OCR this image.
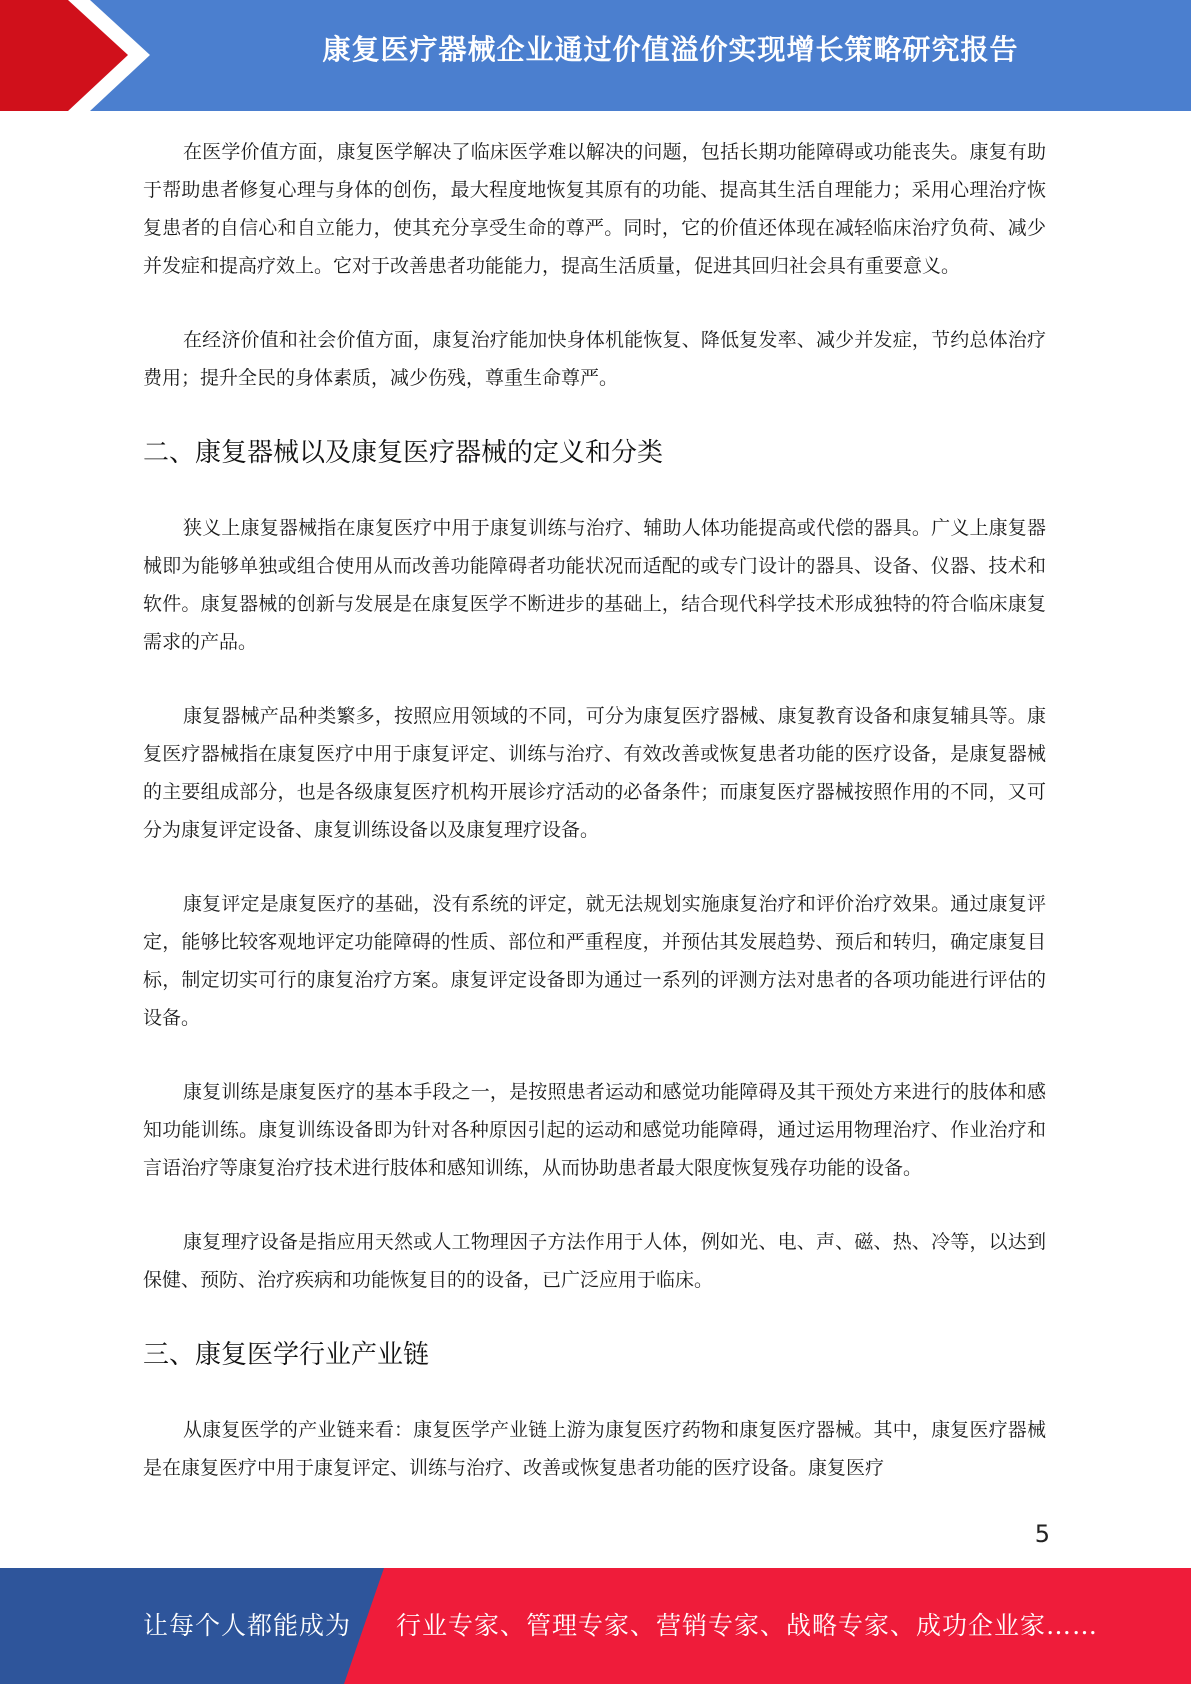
康复医疗器械企业通过价值溢价实现增长策略研究报告

在医学价值方面，康复医学解决了临床医学难以解决的问题，包括长期功能障碍或功能丧失。康复有助于帮助患者修复心理与身体的创伤，最大程度地恢复其原有的功能、提高其生活自理能力；采用心理治疗恢复患者的自信心和自立能力，使其充分享受生命的尊严。同时，它的价值还体现在减轻临床治疗负荷、减少并发症和提高疗效上。它对于改善患者功能能力，提高生活质量，促进其回归社会具有重要意义。

在经济价值和社会价值方面，康复治疗能加快身体机能恢复、降低复发率、减少并发症，节约总体治疗费用；提升全民的身体素质，减少伤残，尊重生命尊严。

二、康复器械以及康复医疗器械的定义和分类

狭义上康复器械指在康复医疗中用于康复训练与治疗、辅助人体功能提高或代偿的器具。广义上康复器械即为能够单独或组合使用从而改善功能障碍者功能状况而适配的或专门设计的器具、设备、仪器、技术和软件。康复器械的创新与发展是在康复医学不断进步的基础上，结合现代科学技术形成独特的符合临床康复需求的产品。

康复器械产品种类繁多，按照应用领域的不同，可分为康复医疗器械、康复教育设备和康复辅具等。康复医疗器械指在康复医疗中用于康复评定、训练与治疗、有效改善或恢复患者功能的医疗设备，是康复器械的主要组成部分，也是各级康复医疗机构开展诊疗活动的必备条件；而康复医疗器械按照作用的不同，又可分为康复评定设备、康复训练设备以及康复理疗设备。

康复评定是康复医疗的基础，没有系统的评定，就无法规划实施康复治疗和评价治疗效果。通过康复评定，能够比较客观地评定功能障碍的性质、部位和严重程度，并预估其发展趋势、预后和转归，确定康复目标，制定切实可行的康复治疗方案。康复评定设备即为通过一系列的评测方法对患者的各项功能进行评估的设备。

康复训练是康复医疗的基本手段之一，是按照患者运动和感觉功能障碍及其干预处方来进行的肢体和感知功能训练。康复训练设备即为针对各种原因引起的运动和感觉功能障碍，通过运用物理治疗、作业治疗和言语治疗等康复治疗技术进行肢体和感知训练，从而协助患者最大限度恢复残存功能的设备。

康复理疗设备是指应用天然或人工物理因子方法作用于人体，例如光、电、声、磁、热、冷等，以达到保健、预防、治疗疾病和功能恢复目的的设备，已广泛应用于临床。

三、康复医学行业产业链

从康复医学的产业链来看：康复医学产业链上游为康复医疗药物和康复医疗器械。其中，康复医疗器械是在康复医疗中用于康复评定、训练与治疗、改善或恢复患者功能的医疗设备。康复医疗

5
让每个人都能成为 行业专家、管理专家、营销专家、战略专家、成功企业家……
